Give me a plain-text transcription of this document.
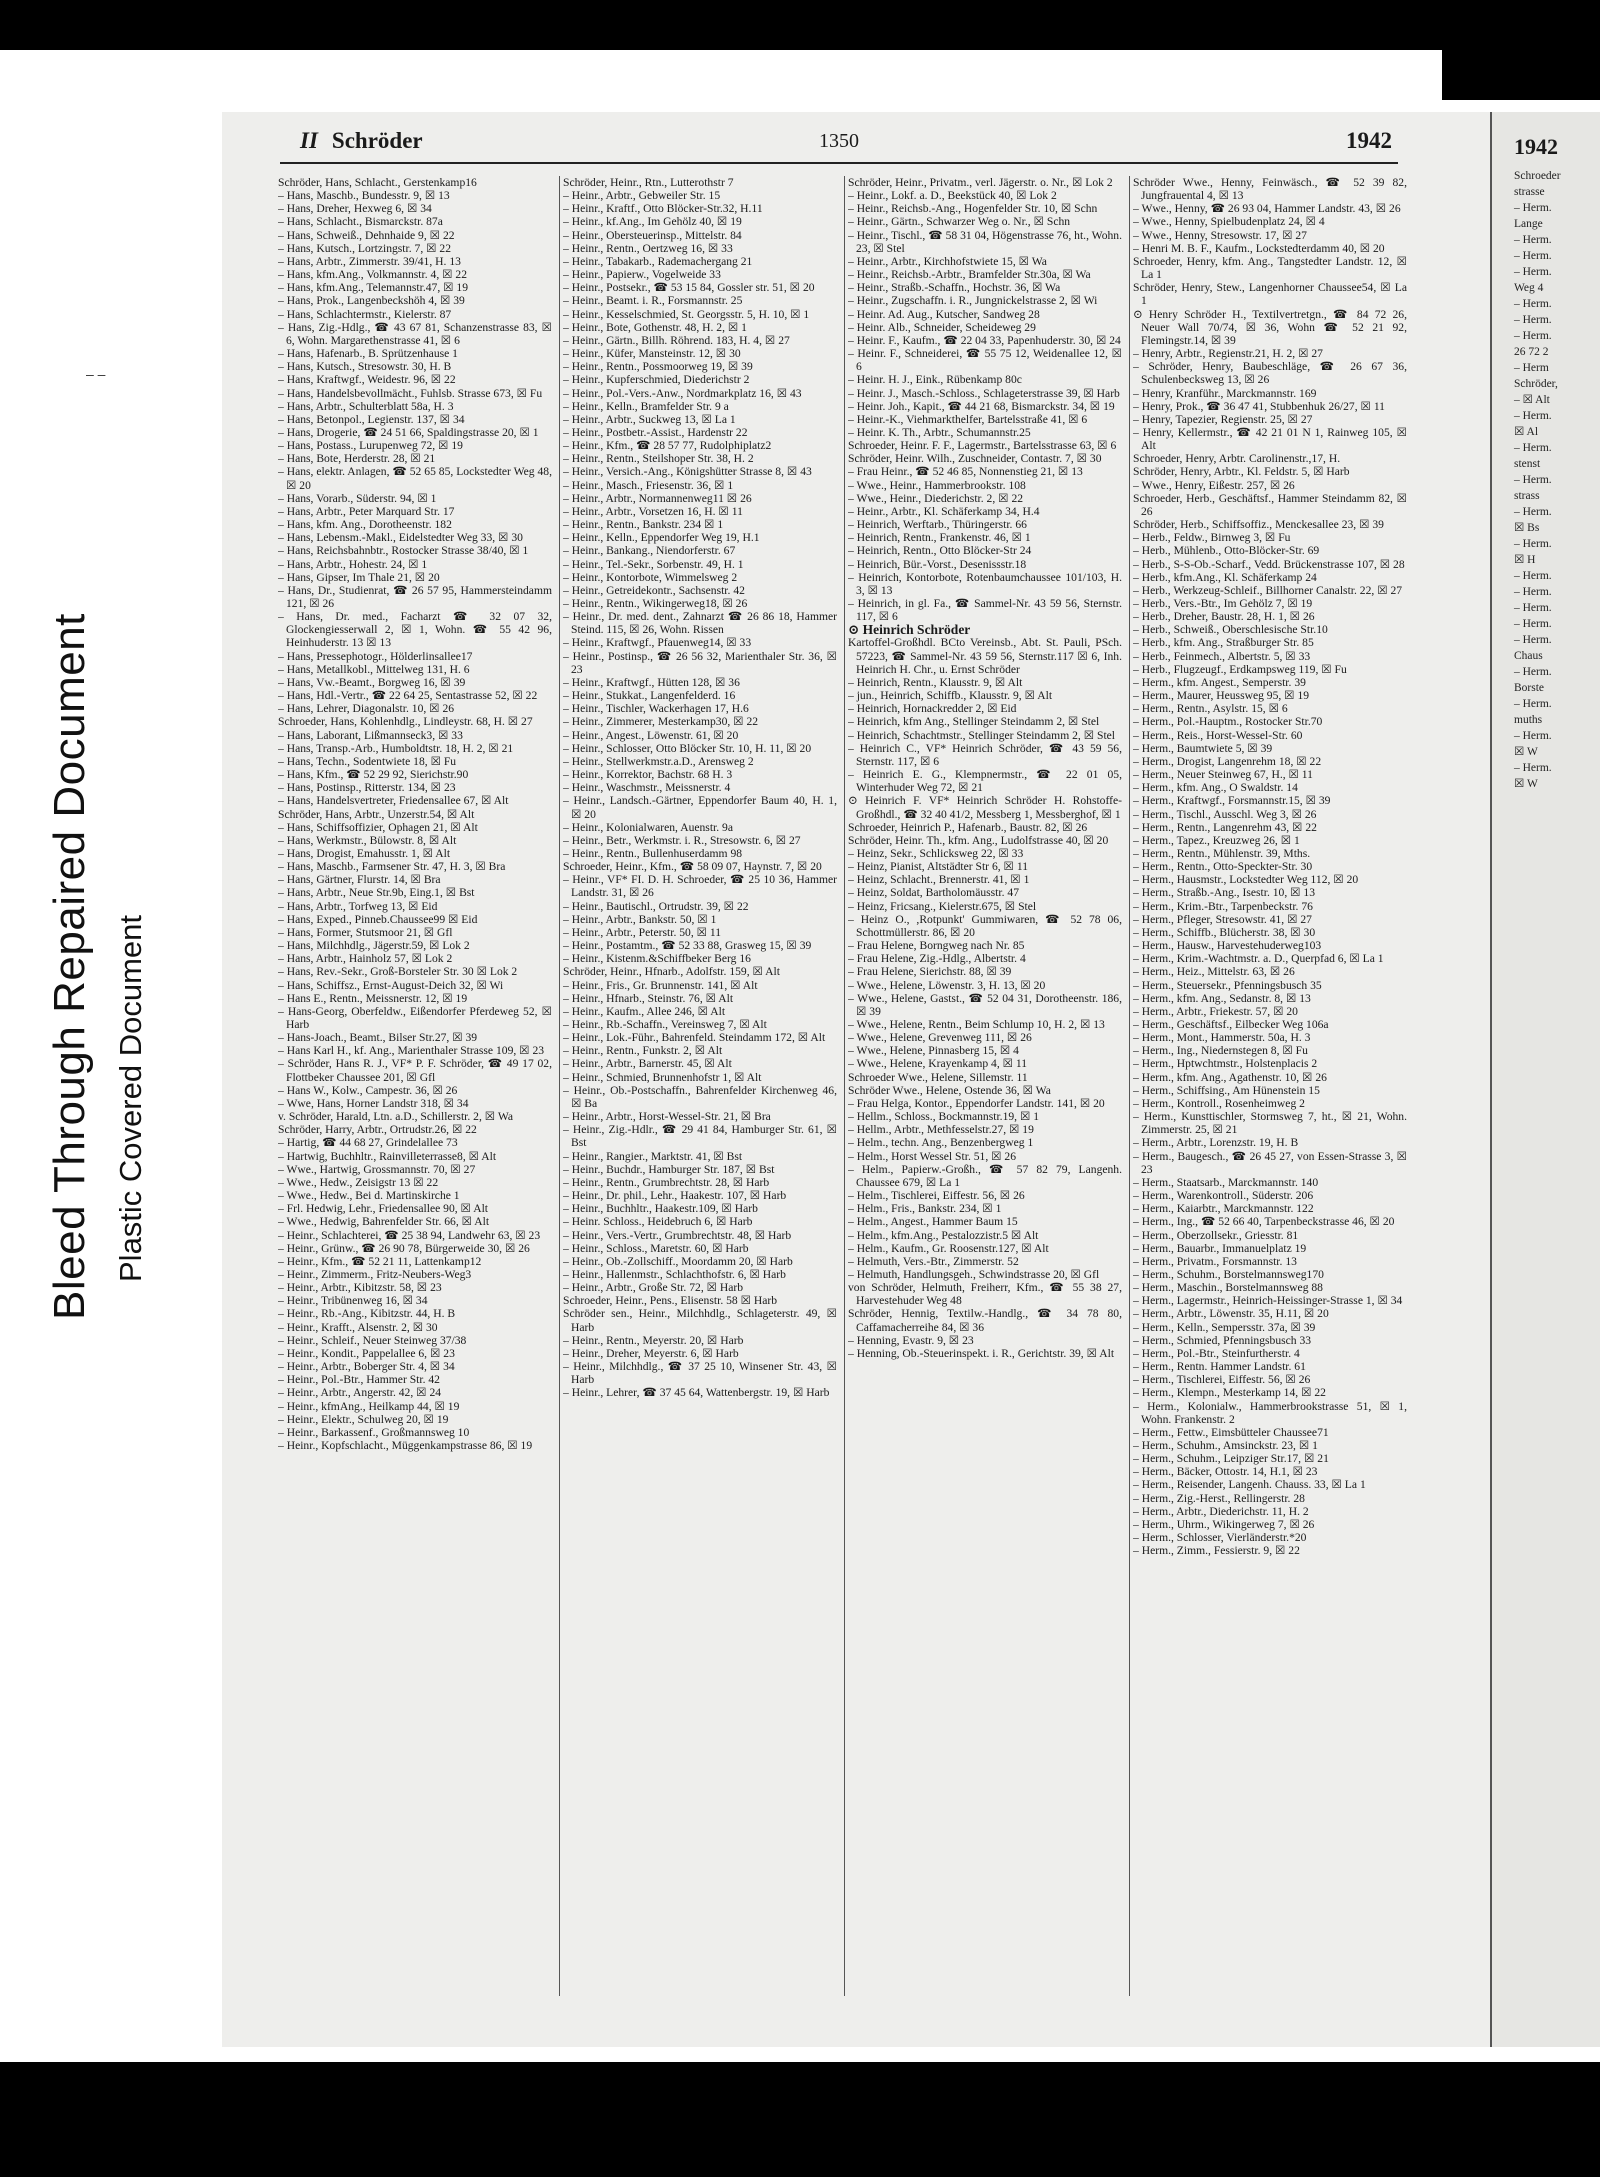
Bleed Through Repaired Document Plastic Covered Document
– –
1942
Schroeder
strasse
– Herm.
Lange
– Herm.
– Herm.
– Herm.
Weg 4
– Herm.
– Herm.
– Herm.
26 72 2
– Herm
Schröder,
– ☒ Alt
– Herm.
☒ Al
– Herm.
stenst
– Herm.
strass
– Herm.
☒ Bs
– Herm.
☒ H
– Herm.
– Herm.
– Herm.
– Herm.
– Herm.
Chaus
– Herm.
Borste
– Herm.
muths
– Herm.
☒ W
– Herm.
☒ W
II Schröder	1350	1942

Schröder, Hans, Schlacht., Gerstenkamp16

– Hans, Maschb., Bundesstr. 9, ☒ 13

– Hans, Dreher, Hexweg 6, ☒ 34

– Hans, Schlacht., Bismarckstr. 87a

– Hans, Schweiß., Dehnhaide 9, ☒ 22

– Hans, Kutsch., Lortzingstr. 7, ☒ 22

– Hans, Arbtr., Zimmerstr. 39/41, H. 13

– Hans, kfm.Ang., Volkmannstr. 4, ☒ 22

– Hans, kfm.Ang., Telemannstr.47, ☒ 19

– Hans, Prok., Langenbeckshöh 4, ☒ 39

– Hans, Schlachtermstr., Kielerstr. 87

– Hans, Zig.-Hdlg., ☎ 43 67 81, Schanzenstrasse 83, ☒ 6, Wohn. Margarethenstrasse 41, ☒ 6

– Hans, Hafenarb., B. Sprützenhause 1

– Hans, Kutsch., Stresowstr. 30, H. B

– Hans, Kraftwgf., Weidestr. 96, ☒ 22

– Hans, Handelsbevollmächt., Fuhlsb. Strasse 673, ☒ Fu

– Hans, Arbtr., Schulterblatt 58a, H. 3

– Hans, Betonpol., Legienstr. 137, ☒ 34

– Hans, Drogerie, ☎ 24 51 66, Spaldingstrasse 20, ☒ 1

– Hans, Postass., Lurupenweg 72, ☒ 19

– Hans, Bote, Herderstr. 28, ☒ 21

– Hans, elektr. Anlagen, ☎ 52 65 85, Lockstedter Weg 48, ☒ 20

– Hans, Vorarb., Süderstr. 94, ☒ 1

– Hans, Arbtr., Peter Marquard Str. 17

– Hans, kfm. Ang., Dorotheenstr. 182

– Hans, Lebensm.-Makl., Eidelstedter Weg 33, ☒ 30

– Hans, Reichsbahnbtr., Rostocker Strasse 38/40, ☒ 1

– Hans, Arbtr., Hohestr. 24, ☒ 1

– Hans, Gipser, Im Thale 21, ☒ 20

– Hans, Dr., Studienrat, ☎ 26 57 95, Hammersteindamm 121, ☒ 26

– Hans, Dr. med., Facharzt ☎ 32 07 32, Glockengiesserwall 2, ☒ 1, Wohn. ☎ 55 42 96, Heinhuderstr. 13 ☒ 13

– Hans, Pressephotogr., Hölderlinsallee17

– Hans, Metallkobl., Mittelweg 131, H. 6

– Hans, Vw.-Beamt., Borgweg 16, ☒ 39

– Hans, Hdl.-Vertr., ☎ 22 64 25, Sentastrasse 52, ☒ 22

– Hans, Lehrer, Diagonalstr. 10, ☒ 26

Schroeder, Hans, Kohlenhdlg., Lindleystr. 68, H. ☒ 27

– Hans, Laborant, Lißmannseck3, ☒ 33

– Hans, Transp.-Arb., Humboldtstr. 18, H. 2, ☒ 21

– Hans, Techn., Sodentwiete 18, ☒ Fu

– Hans, Kfm., ☎ 52 29 92, Sierichstr.90

– Hans, Postinsp., Ritterstr. 134, ☒ 23

– Hans, Handelsvertreter, Friedensallee 67, ☒ Alt

Schröder, Hans, Arbtr., Unzerstr.54, ☒ Alt

– Hans, Schiffsoffizier, Ophagen 21, ☒ Alt

– Hans, Werkmstr., Bülowstr. 8, ☒ Alt

– Hans, Drogist, Emahusstr. 1, ☒ Alt

– Hans, Maschb., Farmsener Str. 47, H. 3, ☒ Bra

– Hans, Gärtner, Flurstr. 14, ☒ Bra

– Hans, Arbtr., Neue Str.9b, Eing.1, ☒ Bst

– Hans, Arbtr., Torfweg 13, ☒ Eid

– Hans, Exped., Pinneb.Chaussee99 ☒ Eid

– Hans, Former, Stutsmoor 21, ☒ Gfl

– Hans, Milchhdlg., Jägerstr.59, ☒ Lok 2

– Hans, Arbtr., Hainholz 57, ☒ Lok 2

– Hans, Rev.-Sekr., Groß-Borsteler Str. 30 ☒ Lok 2

– Hans, Schiffsz., Ernst-August-Deich 32, ☒ Wi

– Hans E., Rentn., Meissnerstr. 12, ☒ 19

– Hans-Georg, Oberfeldw., Eißendorfer Pferdeweg 52, ☒ Harb

– Hans-Joach., Beamt., Bilser Str.27, ☒ 39

– Hans Karl H., kf. Ang., Marienthaler Strasse 109, ☒ 23

– Schröder, Hans R. J., VF* P. F. Schröder, ☎ 49 17 02, Flottbeker Chaussee 201, ☒ Gfl

– Hans W., Kolw., Campestr. 36, ☒ 26

– Wwe, Hans, Horner Landstr 318, ☒ 34

v. Schröder, Harald, Ltn. a.D., Schillerstr. 2, ☒ Wa

Schröder, Harry, Arbtr., Ortrudstr.26, ☒ 22

– Hartig, ☎ 44 68 27, Grindelallee 73

– Hartwig, Buchhltr., Rainvilleterrasse8, ☒ Alt

– Wwe., Hartwig, Grossmannstr. 70, ☒ 27

– Wwe., Hedw., Zeisigstr 13 ☒ 22

– Wwe., Hedw., Bei d. Martinskirche 1

– Frl. Hedwig, Lehr., Friedensallee 90, ☒ Alt

– Wwe., Hedwig, Bahrenfelder Str. 66, ☒ Alt

– Heinr., Schlachterei, ☎ 25 38 94, Landwehr 63, ☒ 23

– Heinr., Grünw., ☎ 26 90 78, Bürgerweide 30, ☒ 26

– Heinr., Kfm., ☎ 52 21 11, Lattenkamp12

– Heinr., Zimmerm., Fritz-Neubers-Weg3

– Heinr., Arbtr., Kibitzstr. 58, ☒ 23

– Heinr., Tribünenweg 16, ☒ 34

– Heinr., Rb.-Ang., Kibitzstr. 44, H. B

– Heinr., Krafft., Alsenstr. 2, ☒ 30

– Heinr., Schleif., Neuer Steinweg 37/38

– Heinr., Kondit., Pappelallee 6, ☒ 23

– Heinr., Arbtr., Boberger Str. 4, ☒ 34

– Heinr., Pol.-Btr., Hammer Str. 42

– Heinr., Arbtr., Angerstr. 42, ☒ 24

– Heinr., kfmAng., Heilkamp 44, ☒ 19

– Heinr., Elektr., Schulweg 20, ☒ 19

– Heinr., Barkassenf., Großmannsweg 10

– Heinr., Kopfschlacht., Müggenkampstrasse 86, ☒ 19

Schröder, Heinr., Rtn., Lutterothstr 7

– Heinr., Arbtr., Gebweiler Str. 15

– Heinr., Kraftf., Otto Blöcker-Str.32, H.11

– Heinr., kf.Ang., Im Gehölz 40, ☒ 19

– Heinr., Obersteuerinsp., Mittelstr. 84

– Heinr., Rentn., Oertzweg 16, ☒ 33

– Heinr., Tabakarb., Rademachergang 21

– Heinr., Papierw., Vogelweide 33

– Heinr., Postsekr., ☎ 53 15 84, Gossler str. 51, ☒ 20

– Heinr., Beamt. i. R., Forsmannstr. 25

– Heinr., Kesselschmied, St. Georgsstr. 5, H. 10, ☒ 1

– Heinr., Bote, Gothenstr. 48, H. 2, ☒ 1

– Heinr., Gärtn., Billh. Röhrend. 183, H. 4, ☒ 27

– Heinr., Küfer, Mansteinstr. 12, ☒ 30

– Heinr., Rentn., Possmoorweg 19, ☒ 39

– Heinr., Kupferschmied, Diederichstr 2

– Heinr., Pol.-Vers.-Anw., Nordmarkplatz 16, ☒ 43

– Heinr., Kelln., Bramfelder Str. 9 a

– Heinr., Arbtr., Suckweg 13, ☒ La 1

– Heinr., Postbetr.-Assist., Hardenstr 22

– Heinr., Kfm., ☎ 28 57 77, Rudolphiplatz2

– Heinr., Rentn., Steilshoper Str. 38, H. 2

– Heinr., Versich.-Ang., Königshütter Strasse 8, ☒ 43

– Heinr., Masch., Friesenstr. 36, ☒ 1

– Heinr., Arbtr., Normannenweg11 ☒ 26

– Heinr., Arbtr., Vorsetzen 16, H. ☒ 11

– Heinr., Rentn., Bankstr. 234 ☒ 1

– Heinr., Kelln., Eppendorfer Weg 19, H.1

– Heinr., Bankang., Niendorferstr. 67

– Heinr., Tel.-Sekr., Sorbenstr. 49, H. 1

– Heinr., Kontorbote, Wimmelsweg 2

– Heinr., Getreidekontr., Sachsenstr. 42

– Heinr., Rentn., Wikingerweg18, ☒ 26

– Heinr., Dr. med. dent., Zahnarzt ☎ 26 86 18, Hammer Steind. 115, ☒ 26, Wohn. Rissen

– Heinr., Kraftwgf., Pfauenweg14, ☒ 33

– Heinr., Postinsp., ☎ 26 56 32, Marienthaler Str. 36, ☒ 23

– Heinr., Kraftwgf., Hütten 128, ☒ 36

– Heinr., Stukkat., Langenfelderd. 16

– Heinr., Tischler, Wackerhagen 17, H.6

– Heinr., Zimmerer, Mesterkamp30, ☒ 22

– Heinr., Angest., Löwenstr. 61, ☒ 20

– Heinr., Schlosser, Otto Blöcker Str. 10, H. 11, ☒ 20

– Heinr., Stellwerkmstr.a.D., Arensweg 2

– Heinr., Korrektor, Bachstr. 68 H. 3

– Heinr., Waschmstr., Meissnerstr. 4

– Heinr., Landsch.-Gärtner, Eppendorfer Baum 40, H. 1, ☒ 20

– Heinr., Kolonialwaren, Auenstr. 9a

– Heinr., Betr., Werkmstr. i. R., Stresowstr. 6, ☒ 27

– Heinr., Rentn., Bullenhuserdamm 98

Schroeder, Heinr., Kfm., ☎ 58 09 07, Haynstr. 7, ☒ 20

– Heinr., VF* FI. D. H. Schroeder, ☎ 25 10 36, Hammer Landstr. 31, ☒ 26

– Heinr., Bautischl., Ortrudstr. 39, ☒ 22

– Heinr., Arbtr., Bankstr. 50, ☒ 1

– Heinr., Arbtr., Peterstr. 50, ☒ 11

– Heinr., Postamtm., ☎ 52 33 88, Grasweg 15, ☒ 39

– Heinr., Kistenm.&Schiffbeker Berg 16

Schröder, Heinr., Hfnarb., Adolfstr. 159, ☒ Alt

– Heinr., Fris., Gr. Brunnenstr. 141, ☒ Alt

– Heinr., Hfnarb., Steinstr. 76, ☒ Alt

– Heinr., Kaufm., Allee 246, ☒ Alt

– Heinr., Rb.-Schaffn., Vereinsweg 7, ☒ Alt

– Heinr., Lok.-Führ., Bahrenfeld. Steindamm 172, ☒ Alt

– Heinr., Rentn., Funkstr. 2, ☒ Alt

– Heinr., Arbtr., Barnerstr. 45, ☒ Alt

– Heinr., Schmied, Brunnenhofstr 1, ☒ Alt

– Heinr., Ob.-Postschaffn., Bahrenfelder Kirchenweg 46, ☒ Ba

– Heinr., Arbtr., Horst-Wessel-Str. 21, ☒ Bra

– Heinr., Zig.-Hdlr., ☎ 29 41 84, Hamburger Str. 61, ☒ Bst

– Heinr., Rangier., Marktstr. 41, ☒ Bst

– Heinr., Buchdr., Hamburger Str. 187, ☒ Bst

– Heinr., Rentn., Grumbrechtstr. 28, ☒ Harb

– Heinr., Dr. phil., Lehr., Haakestr. 107, ☒ Harb

– Heinr., Buchhltr., Haakestr.109, ☒ Harb

– Heinr. Schloss., Heidebruch 6, ☒ Harb

– Heinr., Vers.-Vertr., Grumbrechtstr. 48, ☒ Harb

– Heinr., Schloss., Maretstr. 60, ☒ Harb

– Heinr., Ob.-Zollschiff., Moordamm 20, ☒ Harb

– Heinr., Hallenmstr., Schlachthofstr. 6, ☒ Harb

– Heinr., Arbtr., Große Str. 72, ☒ Harb

Schroeder, Heinr., Pens., Elisenstr. 58 ☒ Harb

Schröder sen., Heinr., Milchhdlg., Schlageterstr. 49, ☒ Harb

– Heinr., Rentn., Meyerstr. 20, ☒ Harb

– Heinr., Dreher, Meyerstr. 6, ☒ Harb

– Heinr., Milchhdlg., ☎ 37 25 10, Winsener Str. 43, ☒ Harb

– Heinr., Lehrer, ☎ 37 45 64, Wattenbergstr. 19, ☒ Harb

Schröder, Heinr., Privatm., verl. Jägerstr. o. Nr., ☒ Lok 2

– Heinr., Lokf. a. D., Beekstück 40, ☒ Lok 2

– Heinr., Reichsb.-Ang., Hogenfelder Str. 10, ☒ Schn

– Heinr., Gärtn., Schwarzer Weg o. Nr., ☒ Schn

– Heinr., Tischl., ☎ 58 31 04, Högenstrasse 76, ht., Wohn. 23, ☒ Stel

– Heinr., Arbtr., Kirchhofstwiete 15, ☒ Wa

– Heinr., Reichsb.-Arbtr., Bramfelder Str.30a, ☒ Wa

– Heinr., Straßb.-Schaffn., Hochstr. 36, ☒ Wa

– Heinr., Zugschaffn. i. R., Jungnickelstrasse 2, ☒ Wi

– Heinr. Ad. Aug., Kutscher, Sandweg 28

– Heinr. Alb., Schneider, Scheideweg 29

– Heinr. F., Kaufm., ☎ 22 04 33, Papenhuderstr. 30, ☒ 24

– Heinr. F., Schneiderei, ☎ 55 75 12, Weidenallee 12, ☒ 6

– Heinr. H. J., Eink., Rübenkamp 80c

– Heinr. J., Masch.-Schloss., Schlageterstrasse 39, ☒ Harb

– Heinr. Joh., Kapit., ☎ 44 21 68, Bismarckstr. 34, ☒ 19

– Heinr.-K., Viehmarkthelfer, Bartelsstraße 41, ☒ 6

– Heinr. K. Th., Arbtr., Schumannstr.25

Schroeder, Heinr. F. F., Lagermstr., Bartelsstrasse 63, ☒ 6

Schröder, Heinr. Wilh., Zuschneider, Contastr. 7, ☒ 30

– Frau Heinr., ☎ 52 46 85, Nonnenstieg 21, ☒ 13

– Wwe., Heinr., Hammerbrookstr. 108

– Wwe., Heinr., Diederichstr. 2, ☒ 22

– Heinr., Arbtr., Kl. Schäferkamp 34, H.4

– Heinrich, Werftarb., Thüringerstr. 66

– Heinrich, Rentn., Frankenstr. 46, ☒ 1

– Heinrich, Rentn., Otto Blöcker-Str 24

– Heinrich, Bür.-Vorst., Desenissstr.18

– Heinrich, Kontorbote, Rotenbaumchaussee 101/103, H. 3, ☒ 13

– Heinrich, in gl. Fa., ☎ Sammel-Nr. 43 59 56, Sternstr. 117, ☒ 6

⊙ Heinrich Schröder

Kartoffel-Großhdl. BCto Vereinsb., Abt. St. Pauli, PSch. 57223, ☎ Sammel-Nr. 43 59 56, Sternstr.117 ☒ 6, Inh. Heinrich H. Chr., u. Ernst Schröder

– Heinrich, Rentn., Klausstr. 9, ☒ Alt

– jun., Heinrich, Schiffb., Klausstr. 9, ☒ Alt

– Heinrich, Hornackredder 2, ☒ Eid

– Heinrich, kfm Ang., Stellinger Steindamm 2, ☒ Stel

– Heinrich, Schachtmstr., Stellinger Steindamm 2, ☒ Stel

– Heinrich C., VF* Heinrich Schröder, ☎ 43 59 56, Sternstr. 117, ☒ 6

– Heinrich E. G., Klempnermstr., ☎ 22 01 05, Winterhuder Weg 72, ☒ 21

⊙ Heinrich F. VF* Heinrich Schröder H. Rohstoffe-Großhdl., ☎ 32 40 41/2, Messberg 1, Messberghof, ☒ 1

Schroeder, Heinrich P., Hafenarb., Baustr. 82, ☒ 26

Schröder, Heinr. Th., kfm. Ang., Ludolfstrasse 40, ☒ 20

– Heinz, Sekr., Schlicksweg 22, ☒ 33

– Heinz, Pianist, Altstädter Str 6, ☒ 11

– Heinz, Schlacht., Brennerstr. 41, ☒ 1

– Heinz, Soldat, Bartholomäusstr. 47

– Heinz, Fricsang., Kielerstr.675, ☒ Stel

– Heinz O., ,Rotpunkt' Gummiwaren, ☎ 52 78 06, Schottmüllerstr. 86, ☒ 20

– Frau Helene, Borngweg nach Nr. 85

– Frau Helene, Zig.-Hdlg., Albertstr. 4

– Frau Helene, Sierichstr. 88, ☒ 39

– Wwe., Helene, Löwenstr. 3, H. 13, ☒ 20

– Wwe., Helene, Gastst., ☎ 52 04 31, Dorotheenstr. 186, ☒ 39

– Wwe., Helene, Rentn., Beim Schlump 10, H. 2, ☒ 13

– Wwe., Helene, Grevenweg 111, ☒ 26

– Wwe., Helene, Pinnasberg 15, ☒ 4

– Wwe., Helene, Krayenkamp 4, ☒ 11

Schroeder Wwe., Helene, Sillemstr. 11

Schröder Wwe., Helene, Ostende 36, ☒ Wa

– Frau Helga, Kontor., Eppendorfer Landstr. 141, ☒ 20

– Hellm., Schloss., Bockmannstr.19, ☒ 1

– Hellm., Arbtr., Methfesselstr.27, ☒ 19

– Helm., techn. Ang., Benzenbergweg 1

– Helm., Horst Wessel Str. 51, ☒ 26

– Helm., Papierw.-Großh., ☎ 57 82 79, Langenh. Chaussee 679, ☒ La 1

– Helm., Tischlerei, Eiffestr. 56, ☒ 26

– Helm., Fris., Bankstr. 234, ☒ 1

– Helm., Angest., Hammer Baum 15

– Helm., kfm.Ang., Pestalozzistr.5 ☒ Alt

– Helm., Kaufm., Gr. Roosenstr.127, ☒ Alt

– Helmuth, Vers.-Btr., Zimmerstr. 52

– Helmuth, Handlungsgeh., Schwindstrasse 20, ☒ Gfl

von Schröder, Helmuth, Freiherr, Kfm., ☎ 55 38 27, Harvestehuder Weg 48

Schröder, Hennig, Textilw.-Handlg., ☎ 34 78 80, Caffamacherreihe 84, ☒ 36

– Henning, Evastr. 9, ☒ 23

– Henning, Ob.-Steuerinspekt. i. R., Gerichtstr. 39, ☒ Alt

Schröder Wwe., Henny, Feinwäsch., ☎ 52 39 82, Jungfrauental 4, ☒ 13

– Wwe., Henny, ☎ 26 93 04, Hammer Landstr. 43, ☒ 26

– Wwe., Henny, Spielbudenplatz 24, ☒ 4

– Wwe., Henny, Stresowstr. 17, ☒ 27

– Henri M. B. F., Kaufm., Lockstedterdamm 40, ☒ 20

Schroeder, Henry, kfm. Ang., Tangstedter Landstr. 12, ☒ La 1

Schröder, Henry, Stew., Langenhorner Chaussee54, ☒ La 1

⊙ Henry Schröder H., Textilvertretgn., ☎ 84 72 26, Neuer Wall 70/74, ☒ 36, Wohn ☎ 52 21 92, Flemingstr.14, ☒ 39

– Henry, Arbtr., Regienstr.21, H. 2, ☒ 27

– Schröder, Henry, Baubeschläge, ☎ 26 67 36, Schulenbecksweg 13, ☒ 26

– Henry, Kranführ., Marckmannstr. 169

– Henry, Prok., ☎ 36 47 41, Stubbenhuk 26/27, ☒ 11

– Henry, Tapezier, Regienstr. 25, ☒ 27

– Henry, Kellermstr., ☎ 42 21 01 N 1, Rainweg 105, ☒ Alt

Schroeder, Henry, Arbtr. Carolinenstr.,17, H.

Schröder, Henry, Arbtr., Kl. Feldstr. 5, ☒ Harb

– Wwe., Henry, Eißestr. 257, ☒ 26

Schroeder, Herb., Geschäftsf., Hammer Steindamm 82, ☒ 26

Schröder, Herb., Schiffsoffiz., Menckesallee 23, ☒ 39

– Herb., Feldw., Birnweg 3, ☒ Fu

– Herb., Mühlenb., Otto-Blöcker-Str. 69

– Herb., S-S-Ob.-Scharf., Vedd. Brückenstrasse 107, ☒ 28

– Herb., kfm.Ang., Kl. Schäferkamp 24

– Herb., Werkzeug-Schleif., Billhorner Canalstr. 22, ☒ 27

– Herb., Vers.-Btr., Im Gehölz 7, ☒ 19

– Herb., Dreher, Baustr. 28, H. 1, ☒ 26

– Herb., Schweiß., Oberschlesische Str.10

– Herb., kfm. Ang., Straßburger Str. 85

– Herb., Feinmech., Albertstr. 5, ☒ 33

– Herb., Flugzeugf., Erdkampsweg 119, ☒ Fu

– Herm., kfm. Angest., Semperstr. 39

– Herm., Maurer, Heussweg 95, ☒ 19

– Herm., Rentn., Asylstr. 15, ☒ 6

– Herm., Pol.-Hauptm., Rostocker Str.70

– Herm., Reis., Horst-Wessel-Str. 60

– Herm., Baumtwiete 5, ☒ 39

– Herm., Drogist, Langenrehm 18, ☒ 22

– Herm., Neuer Steinweg 67, H., ☒ 11

– Herm., kfm. Ang., O Swaldstr. 14

– Herm., Kraftwgf., Forsmannstr.15, ☒ 39

– Herm., Tischl., Ausschl. Weg 3, ☒ 26

– Herm., Rentn., Langenrehm 43, ☒ 22

– Herm., Tapez., Kreuzweg 26, ☒ 1

– Herm., Rentn., Mühlenstr. 39, Mths.

– Herm., Rentn., Otto-Speckter-Str. 30

– Herm., Hausmstr., Lockstedter Weg 112, ☒ 20

– Herm., Straßb.-Ang., Isestr. 10, ☒ 13

– Herm., Krim.-Btr., Tarpenbeckstr. 76

– Herm., Pfleger, Stresowstr. 41, ☒ 27

– Herm., Schiffb., Blücherstr. 38, ☒ 30

– Herm., Hausw., Harvestehuderweg103

– Herm., Krim.-Wachtmstr. a. D., Querpfad 6, ☒ La 1

– Herm., Heiz., Mittelstr. 63, ☒ 26

– Herm., Steuersekr., Pfenningsbusch 35

– Herm., kfm. Ang., Sedanstr. 8, ☒ 13

– Herm., Arbtr., Friekestr. 57, ☒ 20

– Herm., Geschäftsf., Eilbecker Weg 106a

– Herm., Mont., Hammerstr. 50a, H. 3

– Herm., Ing., Niedernstegen 8, ☒ Fu

– Herm., Hptwchtmstr., Holstenplacis 2

– Herm., kfm. Ang., Agathenstr. 10, ☒ 26

– Herm., Schiffsing., Am Hünenstein 15

– Herm., Kontroll., Rosenheimweg 2

– Herm., Kunsttischler, Stormsweg 7, ht., ☒ 21, Wohn. Zimmerstr. 25, ☒ 21

– Herm., Arbtr., Lorenzstr. 19, H. B

– Herm., Baugesch., ☎ 26 45 27, von Essen-Strasse 3, ☒ 23

– Herm., Staatsarb., Marckmannstr. 140

– Herm., Warenkontroll., Süderstr. 206

– Herm., Kaiarbtr., Marckmannstr. 122

– Herm., Ing., ☎ 52 66 40, Tarpenbeckstrasse 46, ☒ 20

– Herm., Oberzollsekr., Griesstr. 81

– Herm., Bauarbr., Immanuelplatz 19

– Herm., Privatm., Forsmannstr. 13

– Herm., Schuhm., Borstelmannsweg170

– Herm., Maschin., Borstelmannsweg 88

– Herm., Lagermstr., Heinrich-Heissinger-Strasse 1, ☒ 34

– Herm., Arbtr., Löwenstr. 35, H.11, ☒ 20

– Herm., Kelln., Sempersstr. 37a, ☒ 39

– Herm., Schmied, Pfenningsbusch 33

– Herm., Pol.-Btr., Steinfurtherstr. 4

– Herm., Rentn. Hammer Landstr. 61

– Herm., Tischlerei, Eiffestr. 56, ☒ 26

– Herm., Klempn., Mesterkamp 14, ☒ 22

– Herm., Kolonialw., Hammerbrookstrasse 51, ☒ 1, Wohn. Frankenstr. 2

– Herm., Fettw., Eimsbütteler Chaussee71

– Herm., Schuhm., Amsinckstr. 23, ☒ 1

– Herm., Schuhm., Leipziger Str.17, ☒ 21

– Herm., Bäcker, Ottostr. 14, H.1, ☒ 23

– Herm., Reisender, Langenh. Chauss. 33, ☒ La 1

– Herm., Zig.-Herst., Rellingerstr. 28

– Herm., Arbtr., Diederichstr. 11, H. 2

– Herm., Uhrm., Wikingerweg 7, ☒ 26

– Herm., Schlosser, Vierländerstr.*20

– Herm., Zimm., Fessierstr. 9, ☒ 22
